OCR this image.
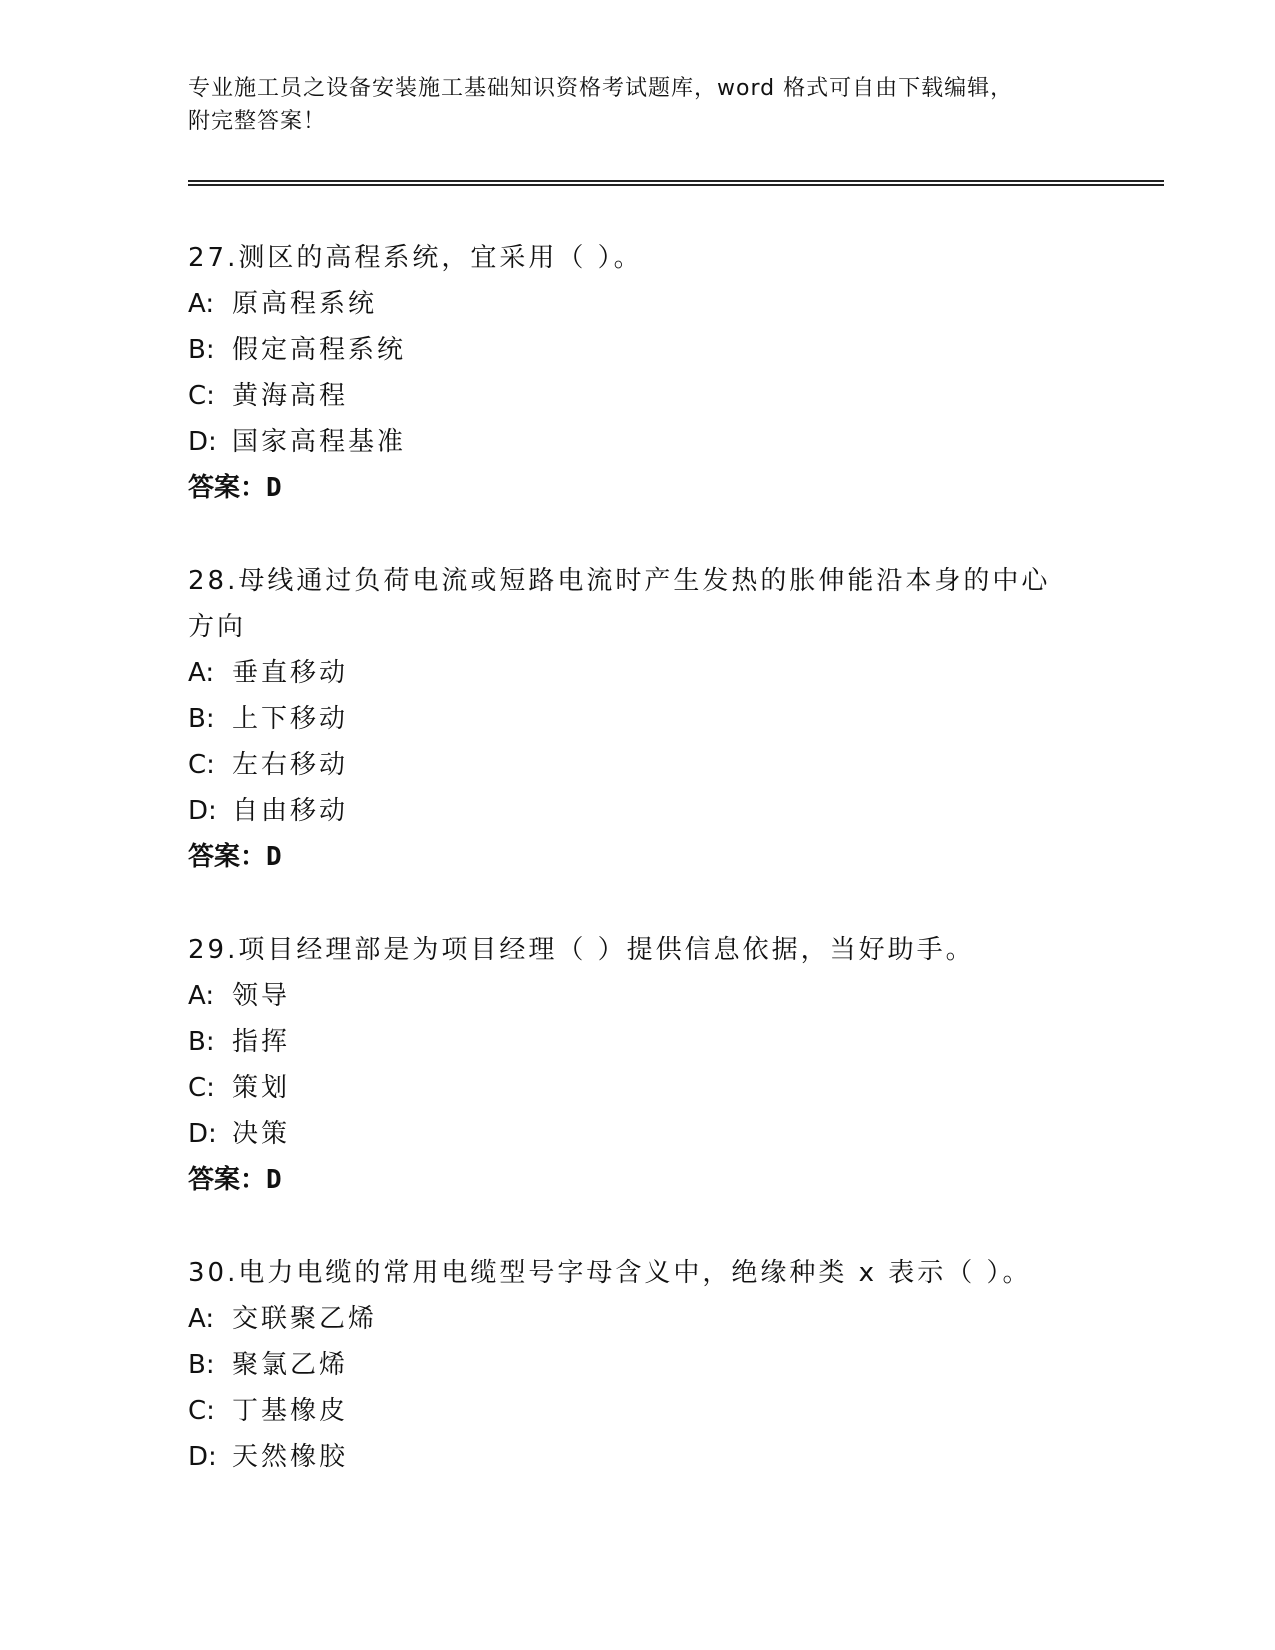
专业施工员之设备安装施工基础知识资格考试题库，word 格式可自由下载编辑，
附完整答案！
27.测区的高程系统，宜采用（ ）。
A: 原高程系统
B: 假定高程系统
C: 黄海高程
D: 国家高程基准
答案：D
28.母线通过负荷电流或短路电流时产生发热的胀伸能沿本身的中心方向
A: 垂直移动
B: 上下移动
C: 左右移动
D: 自由移动
答案：D
29.项目经理部是为项目经理（ ）提供信息依据，当好助手。
A: 领导
B: 指挥
C: 策划
D: 决策
答案：D
30.电力电缆的常用电缆型号字母含义中，绝缘种类 x 表示（ ）。
A: 交联聚乙烯
B: 聚氯乙烯
C: 丁基橡皮
D: 天然橡胶
